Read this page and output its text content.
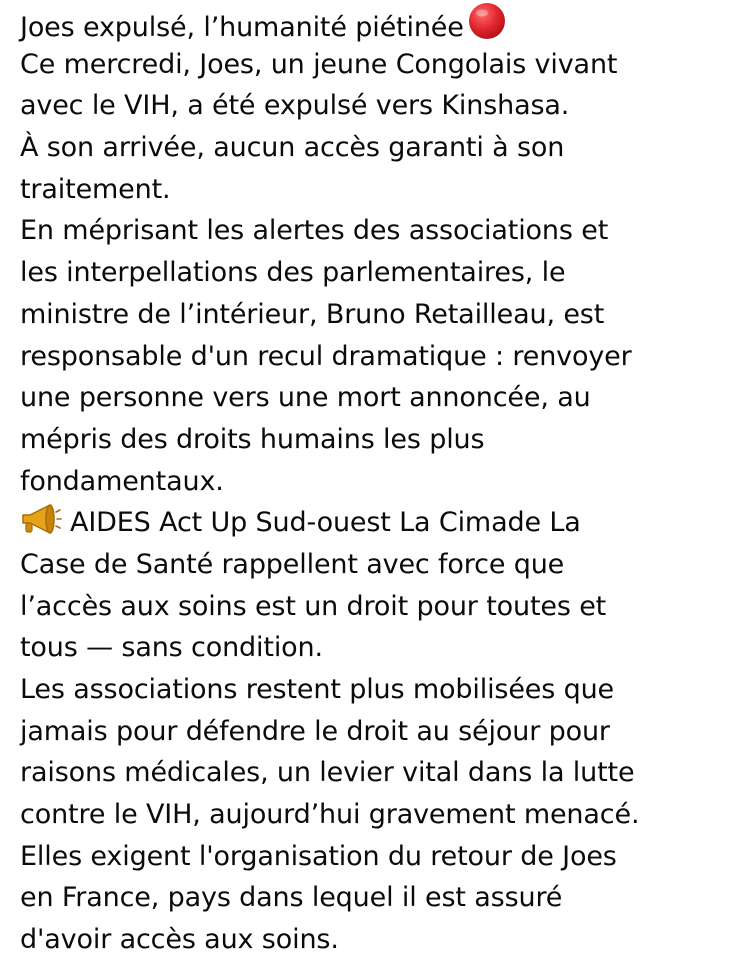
Joes expulsé, l’humanité piétinée
Ce mercredi, Joes, un jeune Congolais vivant
avec le VIH, a été expulsé vers Kinshasa.
À son arrivée, aucun accès garanti à son
traitement.
En méprisant les alertes des associations et
les interpellations des parlementaires, le
ministre de l’intérieur, Bruno Retailleau, est
responsable d'un recul dramatique : renvoyer
une personne vers une mort annoncée, au
mépris des droits humains les plus
fondamentaux.
AIDES Act Up Sud-ouest La Cimade La
Case de Santé rappellent avec force que
l’accès aux soins est un droit pour toutes et
tous — sans condition.
Les associations restent plus mobilisées que
jamais pour défendre le droit au séjour pour
raisons médicales, un levier vital dans la lutte
contre le VIH, aujourd’hui gravement menacé.
Elles exigent l'organisation du retour de Joes
en France, pays dans lequel il est assuré
d'avoir accès aux soins.
